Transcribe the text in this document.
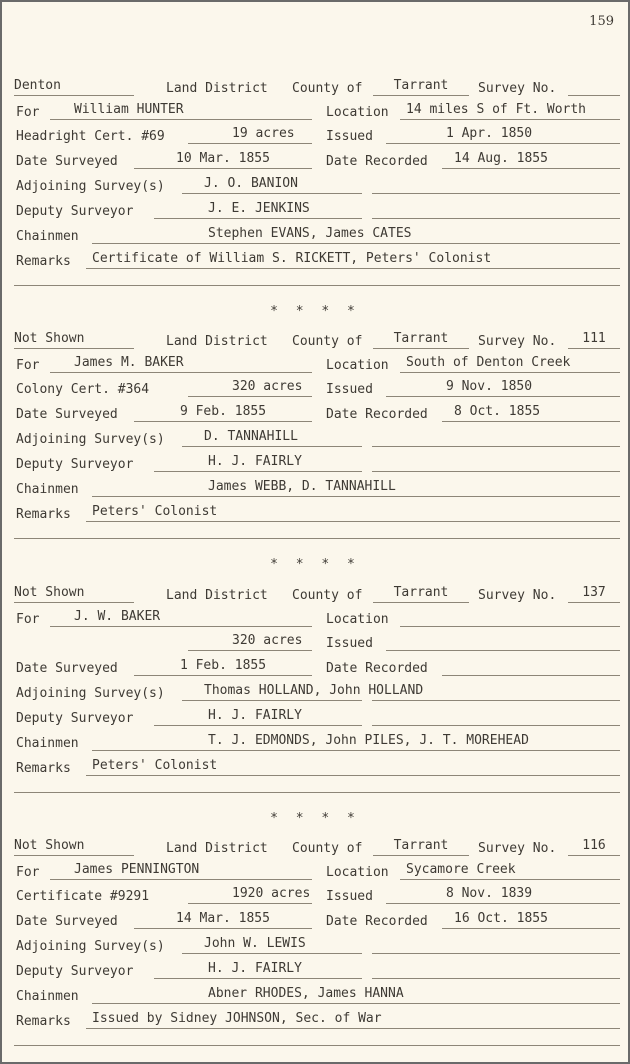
159
* * * *
* * * *
* * * *
Denton	Land District County of	Tarrant	Survey No.
For	William HUNTER	Location	14 miles S of Ft. Worth
Headright Cert. #69	19 acres	Issued	1 Apr. 1850
Date Surveyed	10 Mar. 1855	Date Recorded	14 Aug. 1855
Adjoining Survey(s)	J. O. BANION
Deputy Surveyor	J. E. JENKINS
Chainmen	Stephen EVANS, James CATES
Remarks	Certificate of William S. RICKETT, Peters' Colonist
Not Shown	Land District County of	Tarrant	Survey No.	111
For	James M. BAKER	Location	South of Denton Creek
Colony Cert. #364	320 acres	Issued	9 Nov. 1850
Date Surveyed	9 Feb. 1855	Date Recorded	8 Oct. 1855
Adjoining Survey(s)	D. TANNAHILL
Deputy Surveyor	H. J. FAIRLY
Chainmen	James WEBB, D. TANNAHILL
Remarks	Peters' Colonist
Not Shown	Land District County of	Tarrant	Survey No.	137
For	J. W. BAKER	Location
320 acres	Issued
Date Surveyed	1 Feb. 1855	Date Recorded
Adjoining Survey(s)	Thomas HOLLAND, John HOLLAND
Deputy Surveyor	H. J. FAIRLY
Chainmen	T. J. EDMONDS, John PILES, J. T. MOREHEAD
Remarks	Peters' Colonist
Not Shown	Land District County of	Tarrant	Survey No.	116
For	James PENNINGTON	Location	Sycamore Creek
Certificate #9291	1920 acres Issued	8 Nov. 1839
Date Surveyed	14 Mar. 1855	Date Recorded	16 Oct. 1855
Adjoining Survey(s)	John W. LEWIS
Deputy Surveyor	H. J. FAIRLY
Chainmen	Abner RHODES, James HANNA
Remarks	Issued by Sidney JOHNSON, Sec. of War
